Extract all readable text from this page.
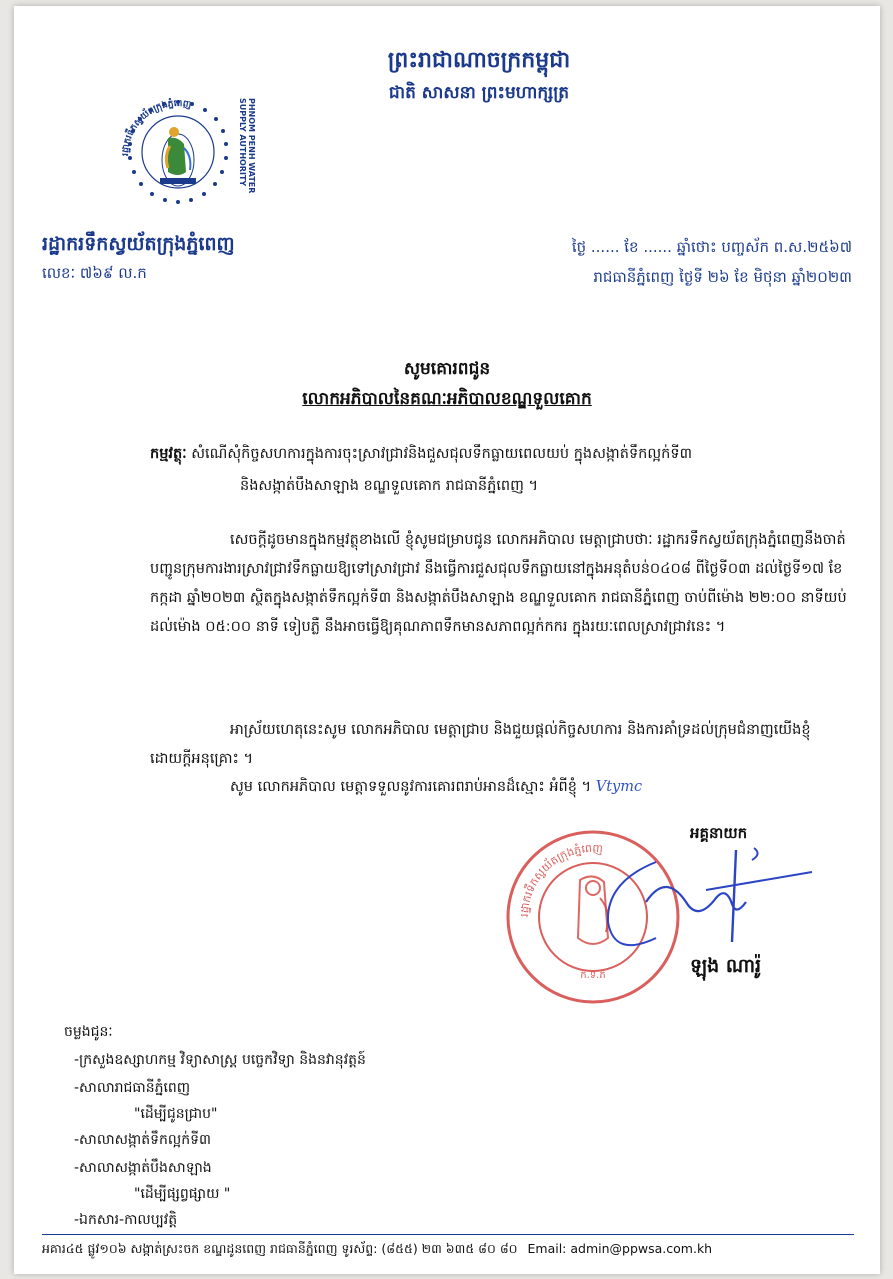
ព្រះរាជាណាចក្រកម្ពុជា
ជាតិ សាសនា ព្រះមហាក្សត្រ
រដ្ឋាករទឹកស្វយ័តក្រុងភ្នំពេញ	PHNOM PENH WATER SUPPLY AUTHORITY
រដ្ឋាករទឹកស្វយ័តក្រុងភ្នំពេញ
លេខៈ ៧៦៩ ល.ក
ថ្ងៃ ...... ខែ ...... ឆ្នាំថោះ បញ្ចស័ក ព.ស.២៥៦៧
រាជធានីភ្នំពេញ ថ្ងៃទី ២៦ ខែ មិថុនា ឆ្នាំ២០២៣
សូមគោរពជូន
លោកអភិបាលនៃគណៈអភិបាលខណ្ឌទួលគោក
កម្មវត្ថុៈ សំណើសុំកិច្ចសហការក្នុងការចុះស្រាវជ្រាវនិងជួសជុលទឹកធ្លាយពេលយប់ ក្នុងសង្កាត់ទឹកល្អក់ទី៣
និងសង្កាត់បឹងសាឡាង ខណ្ឌទួលគោក រាជធានីភ្នំពេញ ។
សេចក្តីដូចមានក្នុងកម្មវត្ថុខាងលើ ខ្ញុំសូមជម្រាបជូន លោកអភិបាល មេត្តាជ្រាបថាៈ រដ្ឋាករទឹកស្វយ័តក្រុងភ្នំពេញនឹងចាត់បញ្ជូនក្រុមការងារស្រាវជ្រាវទឹកធ្លាយឱ្យទៅស្រាវជ្រាវ នឹងធ្វើការជួសជុលទឹកធ្លាយនៅក្នុងអនុតំបន់០៤០៨ ពីថ្ងៃទី០៣ ដល់ថ្ងៃទី១៧ ខែកក្កដា ឆ្នាំ២០២៣ ស្ថិតក្នុងសង្កាត់ទឹកល្អក់ទី៣ និងសង្កាត់បឹងសាឡាង ខណ្ឌទួលគោក រាជធានីភ្នំពេញ ចាប់ពីម៉ោង ២២:០០ នាទីយប់ ដល់ម៉ោង ០៥:០០ នាទី ទៀបភ្លឺ នឹងអាចធ្វើឱ្យគុណភាពទឹកមានសភាពល្អក់កករ ក្នុងរយៈពេលស្រាវជ្រាវនេះ ។
អាស្រ័យហេតុនេះសូម លោកអភិបាល មេត្តាជ្រាប និងជួយផ្តល់កិច្ចសហការ និងការគាំទ្រដល់ក្រុមជំនាញយើងខ្ញុំ ដោយក្តីអនុគ្រោះ ។
សូម លោកអភិបាល មេត្តាទទួលនូវការគោរពរាប់អានដ៏ស្មោះ អំពីខ្ញុំ ។ Vtymc
រដ្ឋាករទឹកស្វយ័តក្រុងភ្នំពេញ
ក.ទ.ភ
អគ្គនាយក
ឡុង ណារ៉ូ
ចម្លងជូនៈ
-ក្រសួងឧស្សាហកម្ម វិទ្យាសាស្ត្រ បច្ចេកវិទ្យា និងនវានុវត្តន៍
-សាលារាជធានីភ្នំពេញ
"ដើម្បីជូនជ្រាប"
-សាលាសង្កាត់ទឹកល្អក់ទី៣
-សាលាសង្កាត់បឹងសាឡាង
"ដើម្បីផ្សព្វផ្សាយ "
-ឯកសារ-កាលប្បវត្តិ
អគារ៤៥ ផ្លូវ១០៦ សង្កាត់ស្រះចក ខណ្ឌដូនពេញ រាជធានីភ្នំពេញ ទូរស័ព្ទ: (៨៥៥) ២៣ ៦៣៥ ៨០ ៨០ Email: admin@ppwsa.com.kh
